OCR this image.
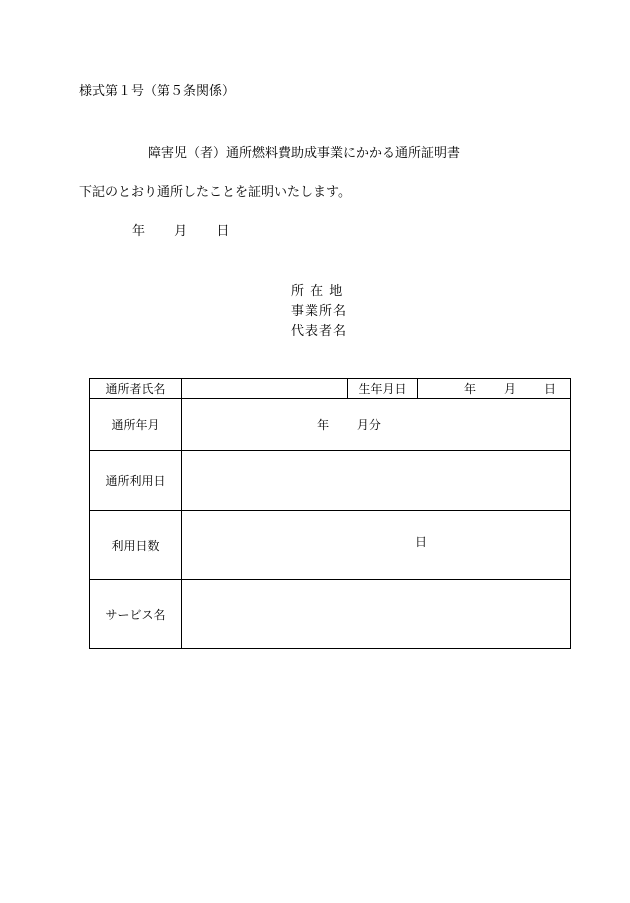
様式第１号（第５条関係）
障害児（者）通所燃料費助成事業にかかる通所証明書
下記のとおり通所したことを証明いたします。
年 月 日
所 在 地
事業所名
代表者名
通所者氏名		生年月日	年 月 日

通所年月	年 月分		
通所利用日			
利用日数	日		

サービス名			
